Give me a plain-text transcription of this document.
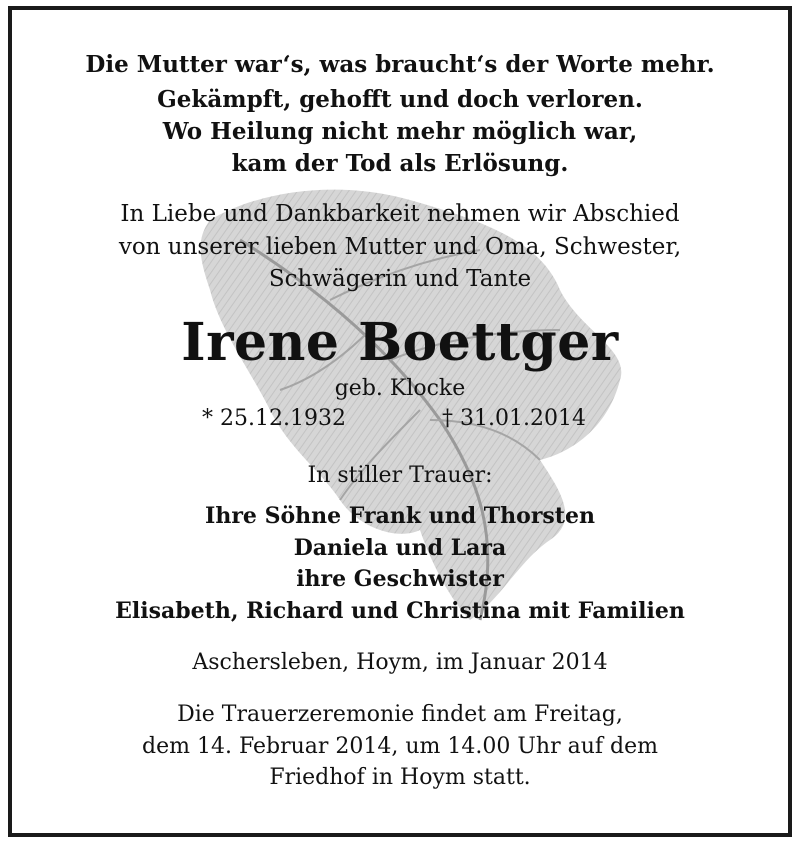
Die Mutter war‘s, was braucht‘s der Worte mehr.
Gekämpft, gehofft und doch verloren.
Wo Heilung nicht mehr möglich war,
kam der Tod als Erlösung.
In Liebe und Dankbarkeit nehmen wir Abschied
von unserer lieben Mutter und Oma, Schwester,
Schwägerin und Tante
Irene Boettger
geb. Klocke
* 25.12.1932	† 31.01.2014
In stiller Trauer:
Ihre Söhne Frank und Thorsten
Daniela und Lara
ihre Geschwister
Elisabeth, Richard und Christina mit Familien
Aschersleben, Hoym, im Januar 2014
Die Trauerzeremonie findet am Freitag,
dem 14. Februar 2014, um 14.00 Uhr auf dem
Friedhof in Hoym statt.
